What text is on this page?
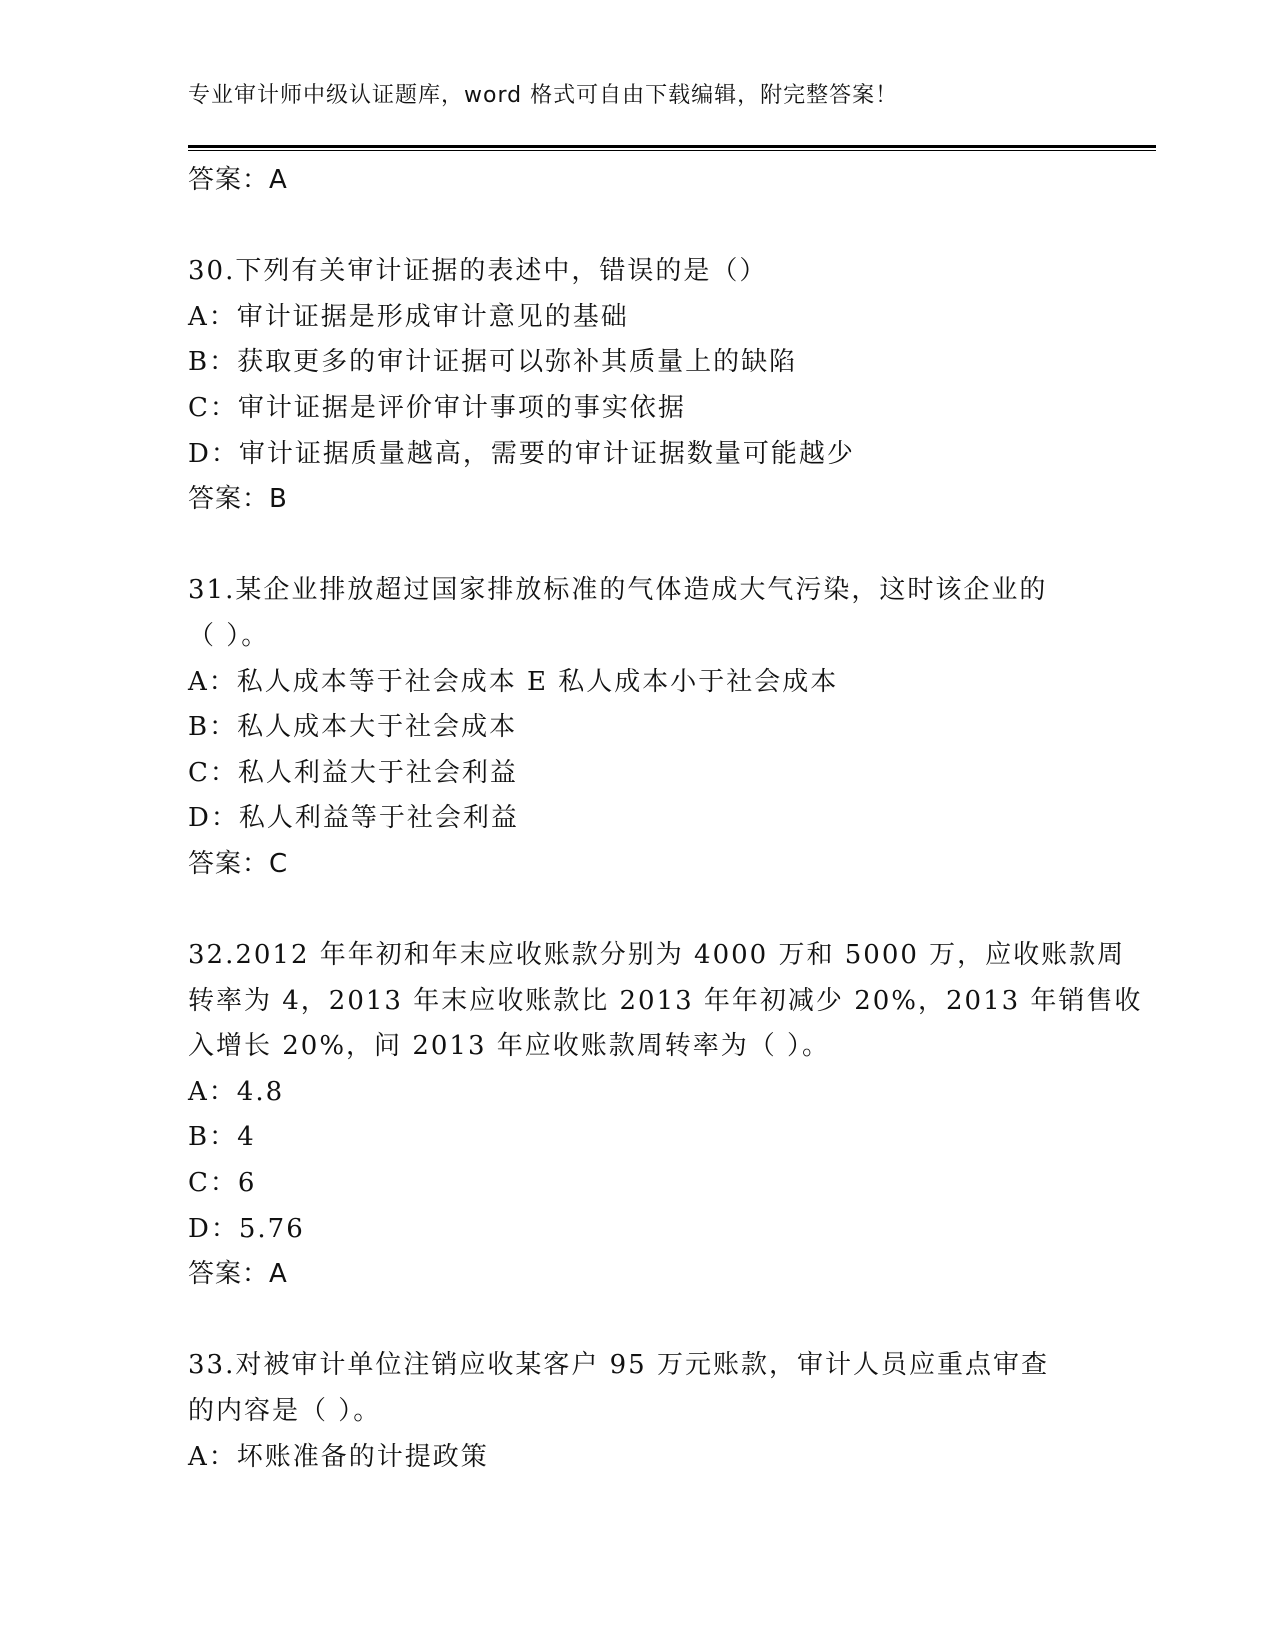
专业审计师中级认证题库，word 格式可自由下载编辑，附完整答案！
答案：A
30.下列有关审计证据的表述中，错误的是（）
A：审计证据是形成审计意见的基础
B：获取更多的审计证据可以弥补其质量上的缺陷
C：审计证据是评价审计事项的事实依据
D：审计证据质量越高，需要的审计证据数量可能越少
答案：B
31.某企业排放超过国家排放标准的气体造成大气污染，这时该企业的
（ ）。
A：私人成本等于社会成本 E 私人成本小于社会成本
B：私人成本大于社会成本
C：私人利益大于社会利益
D：私人利益等于社会利益
答案：C
32.2012 年年初和年末应收账款分别为 4000 万和 5000 万，应收账款周
转率为 4，2013 年末应收账款比 2013 年年初减少 20%，2013 年销售收
入增长 20%，问 2013 年应收账款周转率为（ ）。
A：4.8
B：4
C：6
D：5.76
答案：A
33.对被审计单位注销应收某客户 95 万元账款，审计人员应重点审查
的内容是（ ）。
A：坏账准备的计提政策
